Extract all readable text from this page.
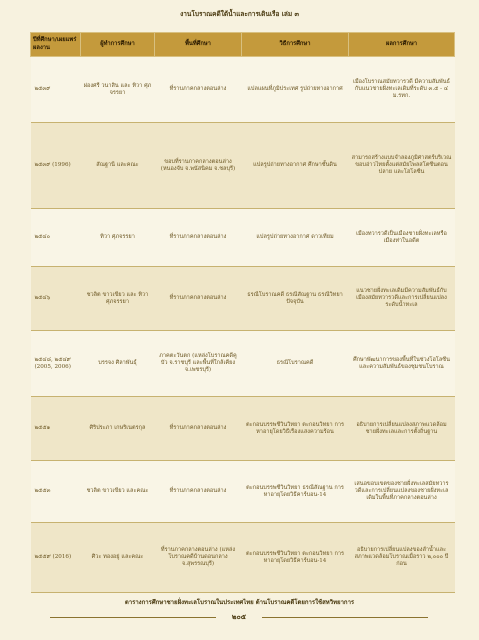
งานโบราณคดีใต้น้ำและการเดินเรือ เล่ม ๓
ปีที่ศึกษา/เผยแพร่ผลงาน	ผู้ทำการศึกษา	พื้นที่ศึกษา	วิธีการศึกษา	ผลการศึกษา
๒๕๓๙	ผ่องศรี วนาสิน และ ทิวา ศุภจรรยา	ที่ราบภาคกลางตอนล่าง	แปลแผนที่ภูมิประเทศ รูปถ่ายทางอากาศ	เมืองโบราณสมัยทวารวดี มีความสัมพันธ์กับแนวชายฝั่งทะเลเดิมที่ระดับ ๓.๕ - ๔ ม.รทก.
๒๕๓๙ (1996)	สัณฐานี และคณะ	ขอบที่ราบภาคกลางตอนล่าง (หนองจับ จ.พนัสนิคม จ.ชลบุรี)	แปลรูปถ่ายทางอากาศ ศึกษาชั้นดิน	สามารถสร้างแบบจำลองภูมิศาสตร์บริเวณขอบอ่าวไทยตั้งแต่สมัยไพลสโตซีนตอนปลาย และโฮโลซีน
๒๕๔๐	ทิวา ศุภจรรยา	ที่ราบภาคกลางตอนล่าง	แปลรูปถ่ายทางอากาศ ดาวเทียม	เมืองทวารวดีเป็นเมืองชายฝั่งทะเลหรือเมืองท่าในอดีต
๒๕๔๖	ชวลิต ขาวเขียว และ ทิวา ศุภจรรยา	ที่ราบภาคกลางตอนล่าง	ธรณีโบราณคดี ธรณีสัณฐาน ธรณีวิทยาปัจจุบัน	แนวชายฝั่งทะเลเดิมมีความสัมพันธ์กับเมืองสมัยทวารวดีและการเปลี่ยนแปลงระดับน้ำทะเล
๒๕๔๘, ๒๕๔๙ (2005, 2006)	บรรจง ศิลาพันธุ์	ภาคตะวันตก (แหล่งโบราณคดีคูบัว จ.ราชบุรี และพื้นที่ใกล้เคียง จ.เพชรบุรี)	ธรณีโบราณคดี	ศึกษาพัฒนาการของพื้นที่ในช่วงโฮโลซีนและความสัมพันธ์ของชุมชนโบราณ
๒๕๕๑	ศิริประภา เกษริเนตรกุล	ที่ราบภาคกลางตอนล่าง	ตะกอนบรรพชีวินวิทยา ตะกอนวิทยา การหาอายุโดยวิธีเรืองแสงความร้อน	อธิบายการเปลี่ยนแปลงสภาพแวดล้อมชายฝั่งทะเลและการตั้งถิ่นฐาน
๒๕๕๓	ชวลิต ขาวเขียว และคณะ	ที่ราบภาคกลางตอนล่าง	ตะกอนบรรพชีวินวิทยา ธรณีสัณฐาน การหาอายุโดยวิธีคาร์บอน-14	เสนอขอบเขตของชายฝั่งทะเลสมัยทวารวดีและการเปลี่ยนแปลงของชายฝั่งทะเลเดิมในพื้นที่ภาคกลางตอนล่าง
๒๕๕๙ (2016)	ศิวะ ทองอยู่ และคณะ	ที่ราบภาคกลางตอนล่าง (แหล่งโบราณคดีบ้านดอนกลาง จ.สุพรรณบุรี)	ตะกอนบรรพชีวินวิทยา ตะกอนวิทยา การหาอายุโดยวิธีคาร์บอน-14	อธิบายการเปลี่ยนแปลงของลำน้ำและสภาพแวดล้อมโบราณเมื่อราว ๒,๐๐๐ ปีก่อน
ตารางการศึกษาชายฝั่งทะเลโบราณในประเทศไทย ด้านโบราณคดีโดยการใช้สหวิทยาการ
๒๐๕
